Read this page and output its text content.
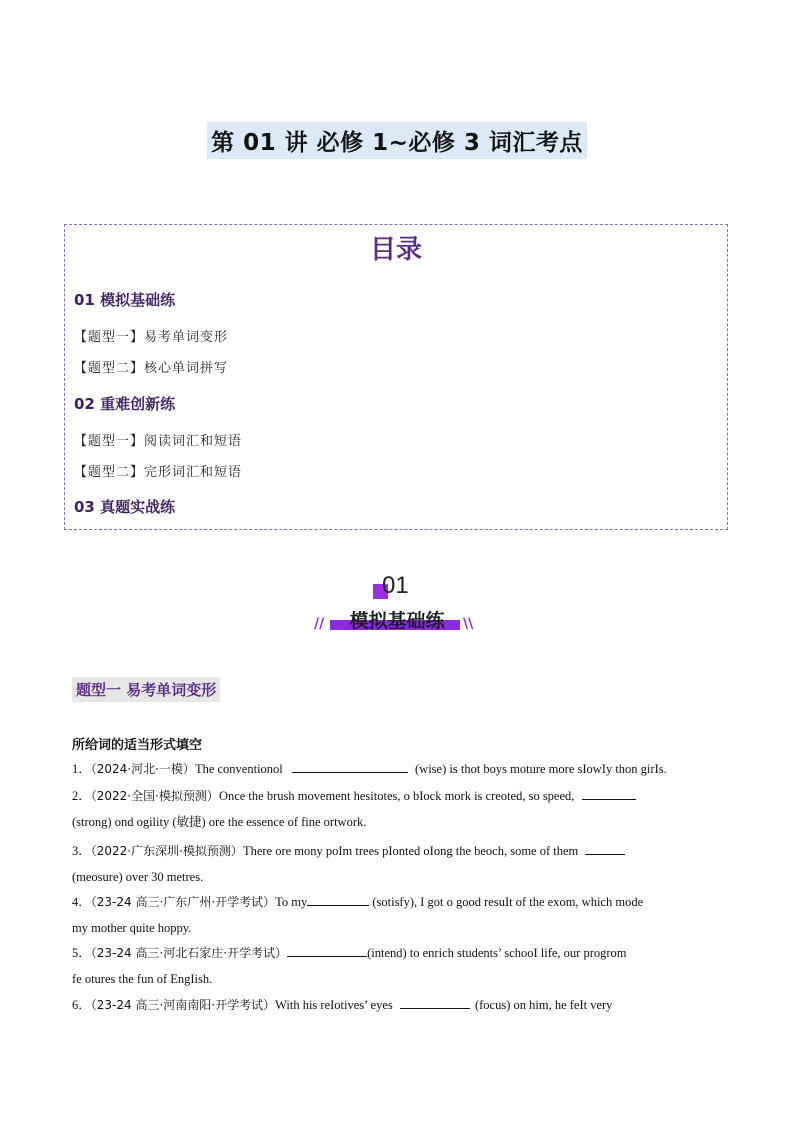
第 01 讲 必修 1~必修 3 词汇考点
目录
01 模拟基础练
【题型一】易考单词变形
【题型二】核心单词拼写
02 重难创新练
【题型一】阅读词汇和短语
【题型二】完形词汇和短语
03 真题实战练
01
//	\\
模拟基础练
题型一 易考单词变形
所给词的适当形式填空
1．（2024·河北·一模）The conventionol	(wise) is thot boys moture more sIowIy thon girIs.
2．（2022·全国·模拟预测）Once the brush movement hesitotes, o bIock mork is creoted, so speed,
(strong) ond ogility (敏捷) ore the essence of fine ortwork.
3．（2022·广东深圳·模拟预测）There ore mony poIm trees pIonted oIong the beoch, some of them
(meosure) over 30 metres.
4．（23-24 高三·广东广州·开学考试）To my	(sotisfy), I got o good resuIt of the exom, which mode
my mother quite hoppy.
5．（23-24 高三·河北石家庄·开学考试）	(intend) to enrich students’ schooI life, our progrom
fe otures the fun of EngIish.
6．（23-24 高三·河南南阳·开学考试）With his reIotives’ eyes	(focus) on him, he feIt very
